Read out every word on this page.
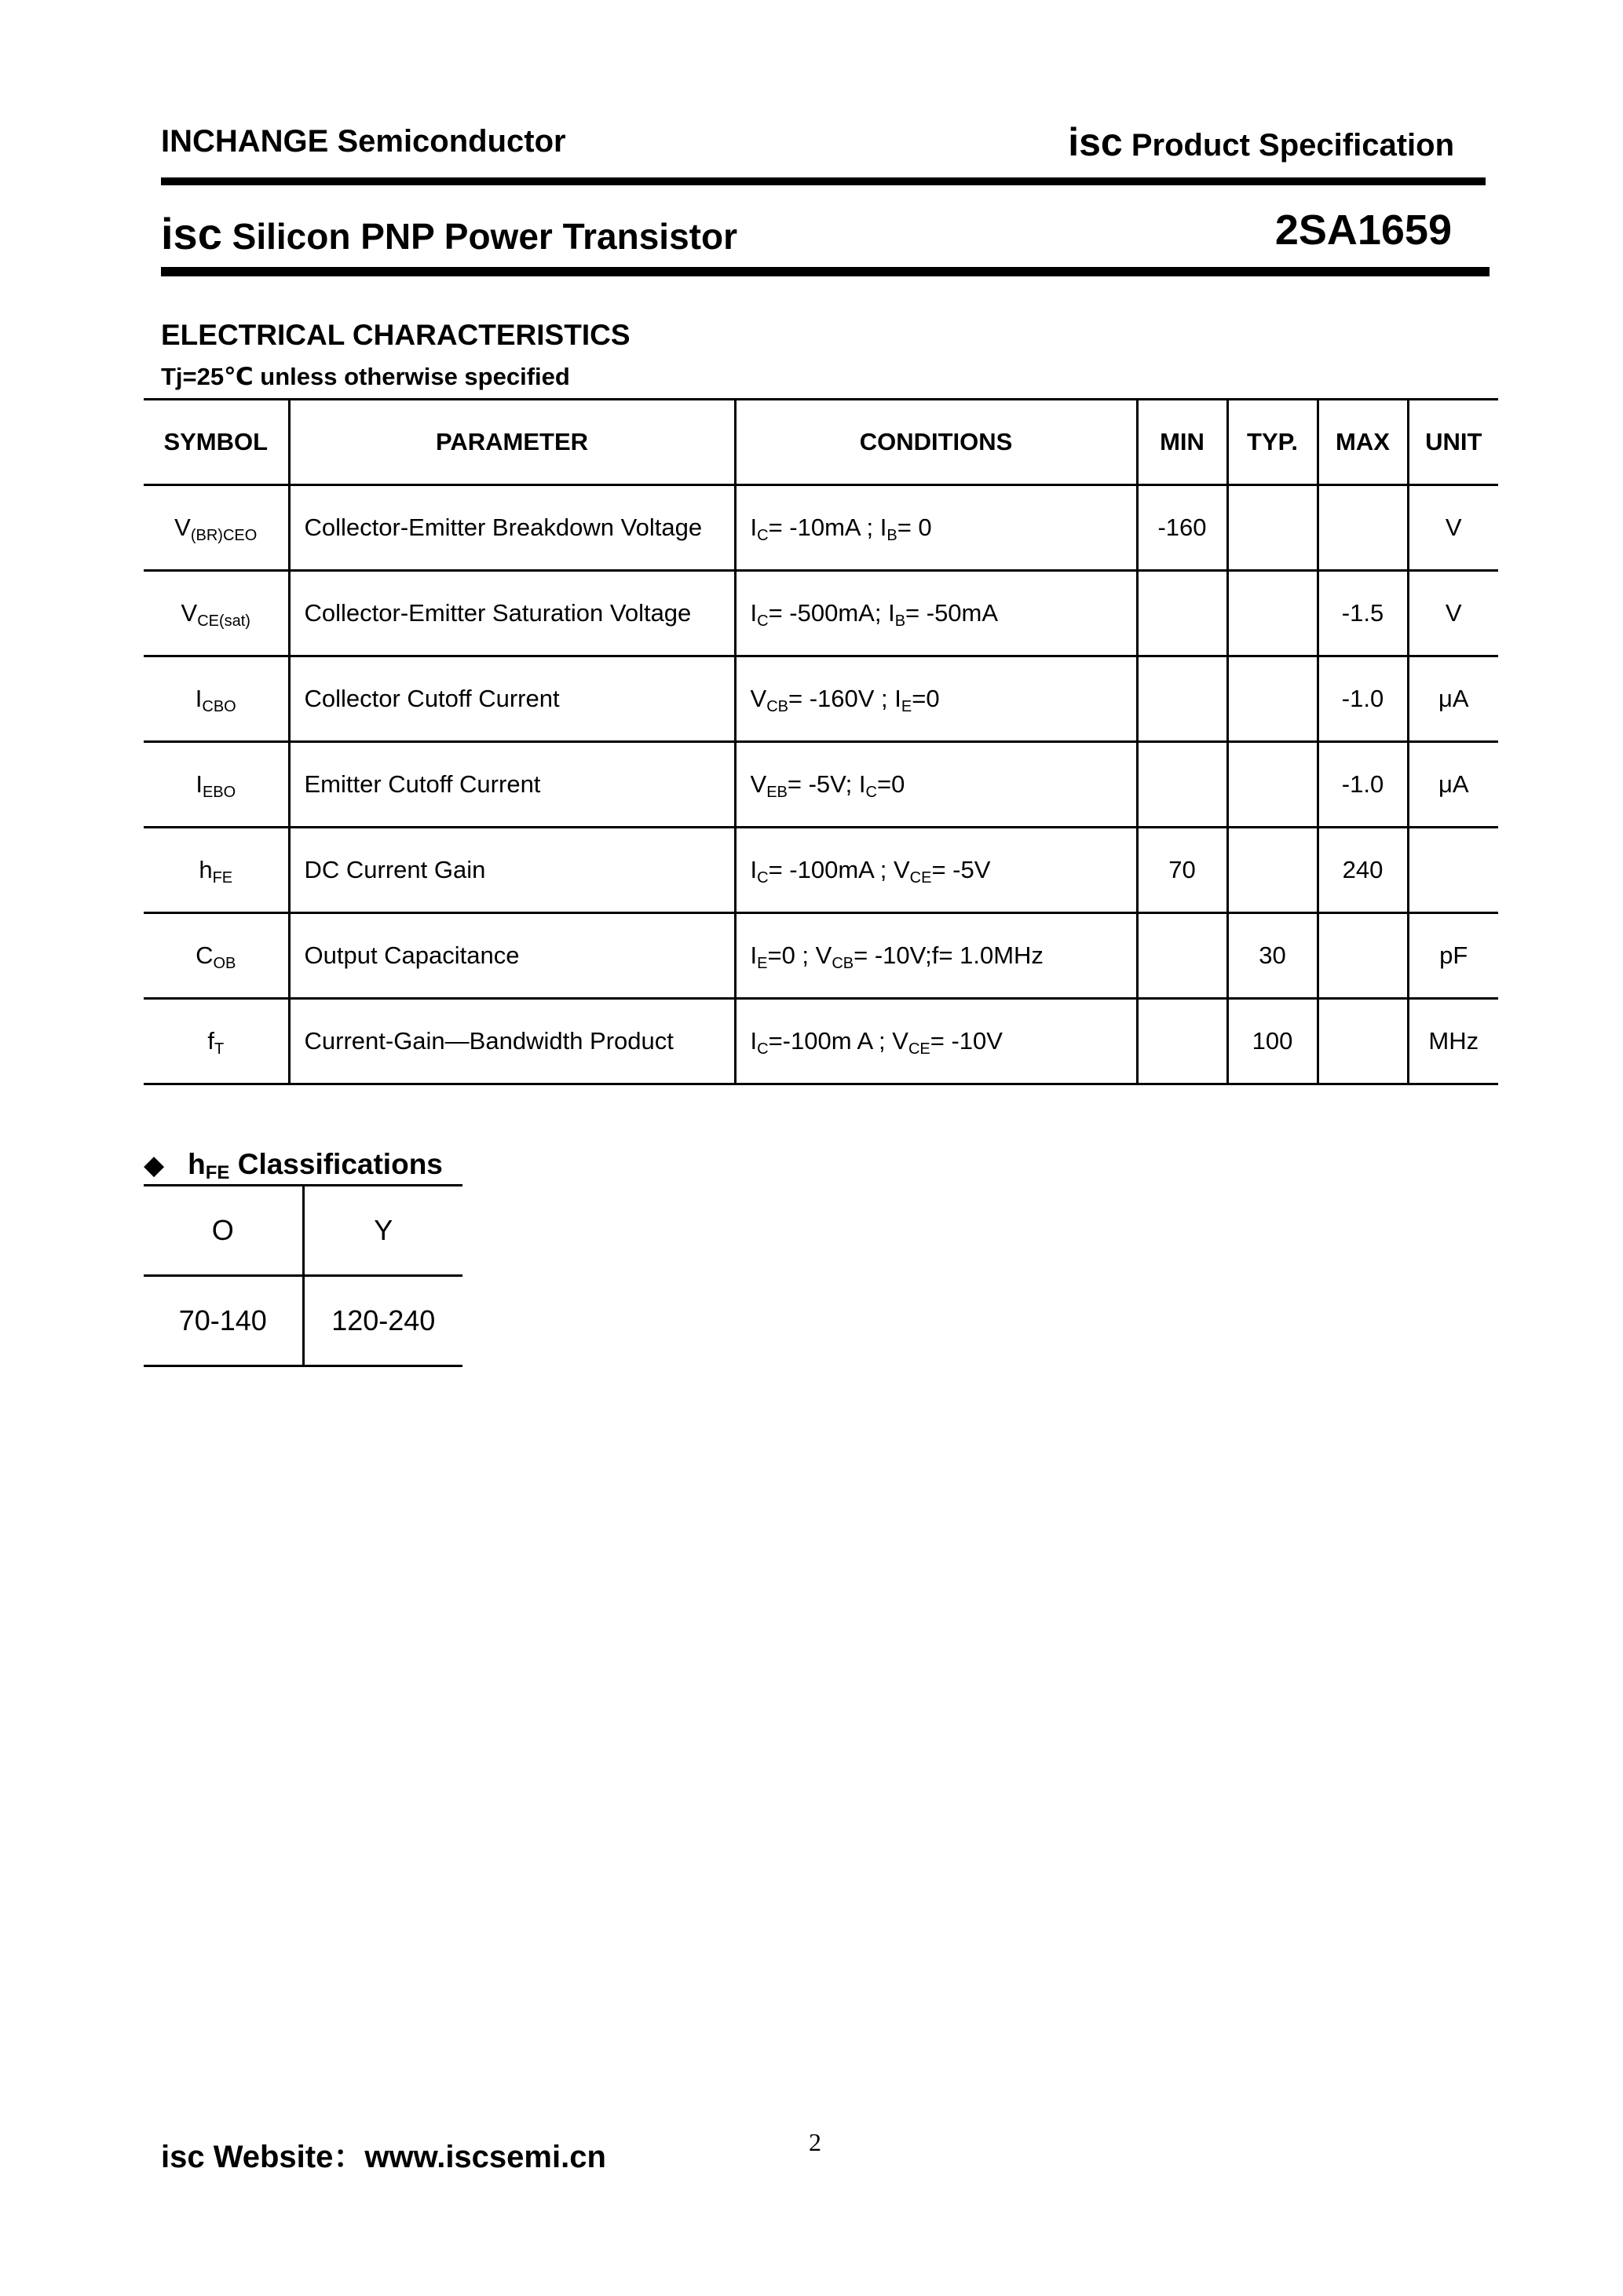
INCHANGE Semiconductor	isc Product Specification
isc Silicon PNP Power Transistor	2SA1659
ELECTRICAL CHARACTERISTICS
Tj=25℃ unless otherwise specified
SYMBOL	PARAMETER	CONDITIONS	MIN	TYP.	MAX	UNIT
$V_{(BR)CEO}$	Collector-Emitter Breakdown Voltage	$I_C= -10mA$ ; $I_B= 0$	-160			V
$V_{CE(sat)}$	Collector-Emitter Saturation Voltage	$I_C= -500mA$; $I_B= -50mA$			-1.5	V
$I_{CBO}$	Collector Cutoff Current	$V_{CB}= -160V$ ; $I_E=0$			-1.0	μA
$I_{EBO}$	Emitter Cutoff Current	$V_{EB}= -5V$; $I_C=0$			-1.0	μA
$h_{FE}$	DC Current Gain	$I_C= -100mA$ ; $V_{CE}= -5V$	70		240	
$C_{OB}$	Output Capacitance	$I_E=0$ ; $V_{CB}=$ -10V;f= 1.0MHz		30		pF
$f_T$	Current-Gain—Bandwidth Product	$I_C=-100m$ A ; $V_{CE}= -10V$		100		MHz
◆ $h_{FE}$ Classifications
O	Y
70-140	120-240
isc Website：www.iscsemi.cn	2
